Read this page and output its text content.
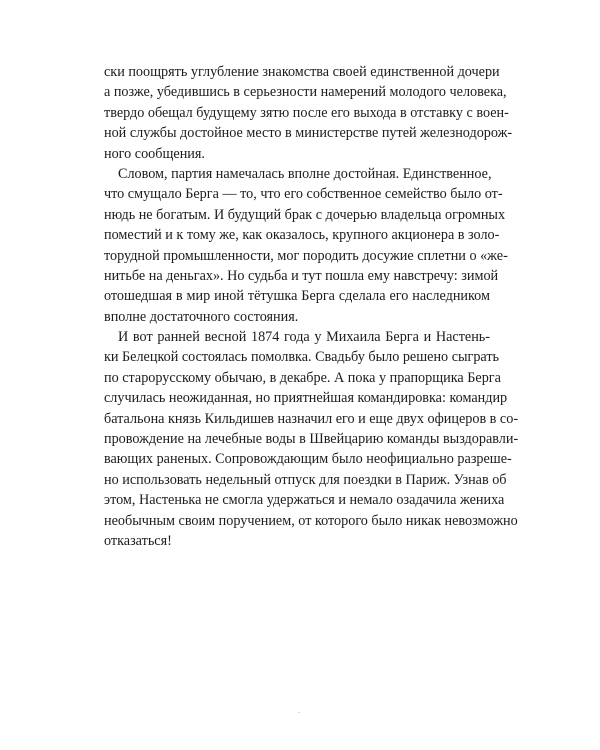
ски поощрять углубление знакомства своей единственной дочери
а позже, убедившись в серьезности намерений молодого человека,
твердо обещал будущему зятю после его выхода в отставку с воен-
ной службы достойное место в министерстве путей железнодорож-
ного сообщения.
Словом, партия намечалась вполне достойная. Единственное,
что смущало Берга — то, что его собственное семейство было от-
нюдь не богатым. И будущий брак с дочерью владельца огромных
поместий и к тому же, как оказалось, крупного акционера в золо-
торудной промышленности, мог породить досужие сплетни о «же-
нитьбе на деньгах». Но судьба и тут пошла ему навстречу: зимой
отошедшая в мир иной тётушка Берга сделала его наследником
вполне достаточного состояния.
И вот ранней весной 1874 года у Михаила Берга и Настень-
ки Белецкой состоялась помолвка. Свадьбу было решено сыграть
по старорусскому обычаю, в декабре. А пока у прапорщика Берга
случилась неожиданная, но приятнейшая командировка: командир
батальона князь Кильдишев назначил его и еще двух офицеров в со-
провождение на лечебные воды в Швейцарию команды выздоравли-
вающих раненых. Сопровождающим было неофициально разреше-
но использовать недельный отпуск для поездки в Париж. Узнав об
этом, Настенька не смогла удержаться и немало озадачила жениха
необычным своим поручением, от которого было никак невозможно
отказаться!
.
